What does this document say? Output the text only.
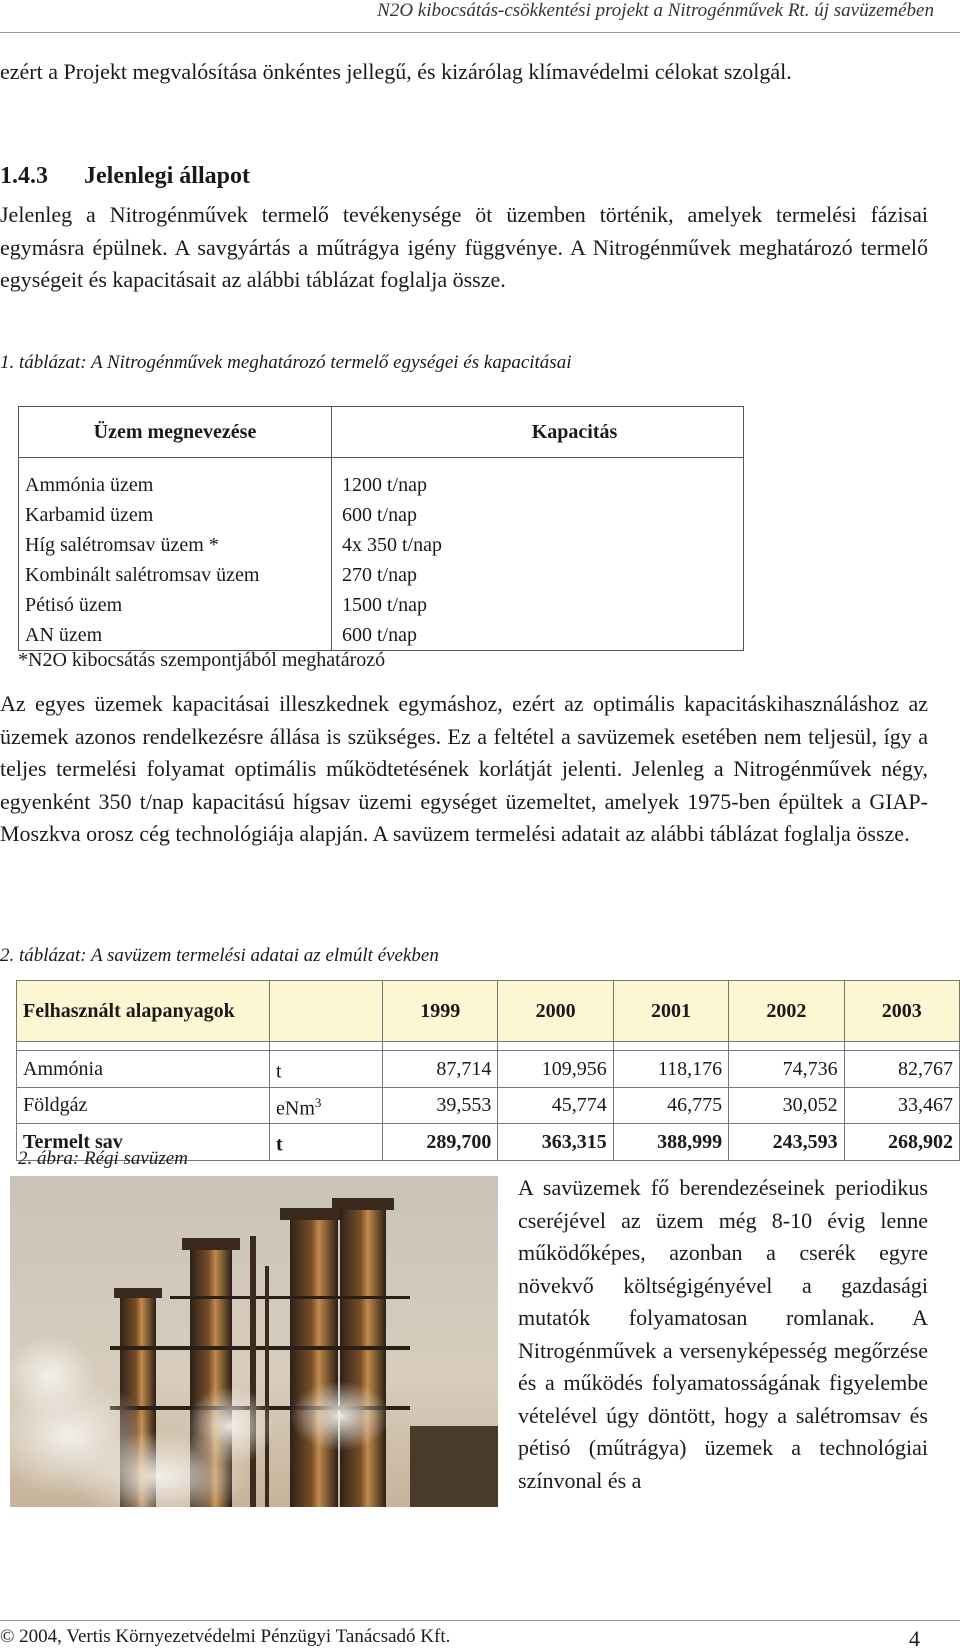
N2O kibocsátás-csökkentési projekt a Nitrogénművek Rt. új savüzemében
ezért a Projekt megvalósítása önkéntes jellegű, és kizárólag klímavédelmi célokat szolgál.
1.4.3 Jelenlegi állapot
Jelenleg a Nitrogénművek termelő tevékenysége öt üzemben történik, amelyek termelési fázisai egymásra épülnek. A savgyártás a műtrágya igény függvénye. A Nitrogénművek meghatározó termelő egységeit és kapacitásait az alábbi táblázat foglalja össze.
1. táblázat: A Nitrogénművek meghatározó termelő egységei és kapacitásai
Üzem megnevezése	Kapacitás

Ammónia üzem	1200 t/nap
Karbamid üzem	600 t/nap
Híg salétromsav üzem *	4x 350 t/nap
Kombinált salétromsav üzem	270 t/nap
Pétisó üzem	1500 t/nap
AN üzem	600 t/nap
*N2O kibocsátás szempontjából meghatározó
Az egyes üzemek kapacitásai illeszkednek egymáshoz, ezért az optimális kapacitáskihasználáshoz az üzemek azonos rendelkezésre állása is szükséges. Ez a feltétel a savüzemek esetében nem teljesül, így a teljes termelési folyamat optimális működtetésének korlátját jelenti. Jelenleg a Nitrogénművek négy, egyenként 350 t/nap kapacitású hígsav üzemi egységet üzemeltet, amelyek 1975-ben épültek a GIAP-Moszkva orosz cég technológiája alapján. A savüzem termelési adatait az alábbi táblázat foglalja össze.
2. táblázat: A savüzem termelési adatai az elmúlt években
Felhasznált alapanyagok		1999	2000	2001	2002	2003

Ammónia	t	87,714	109,956	118,176	74,736	82,767
Földgáz	eNm$^3$	39,553	45,774	46,775	30,052	33,467
Termelt sav	t	289,700	363,315	388,999	243,593	268,902
2. ábra: Régi savüzem
A savüzemek fő berendezéseinek periodikus cseréjével az üzem még 8-10 évig lenne működőképes, azonban a cserék egyre növekvő költségigényével a gazdasági mutatók folyamatosan romlanak. A Nitrogénművek a versenyképesség megőrzése és a működés folyamatosságának figyelembe vételével úgy döntött, hogy a salétromsav és pétisó (műtrágya) üzemek a technológiai színvonal és a
© 2004, Vertis Környezetvédelmi Pénzügyi Tanácsadó Kft.	4
